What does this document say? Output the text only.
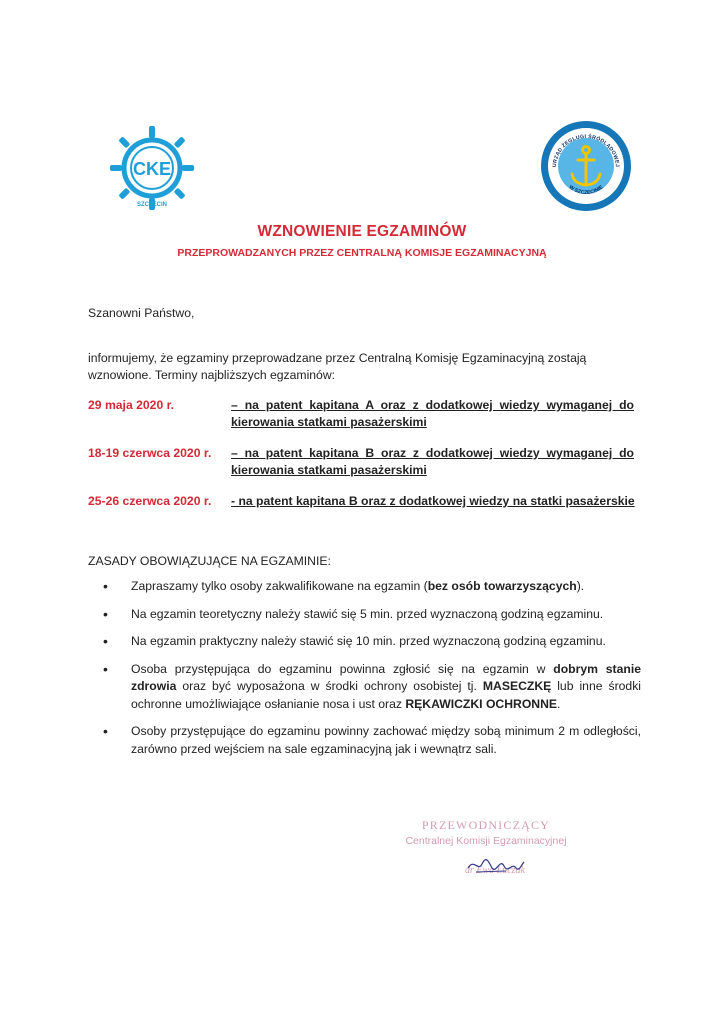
CKE
SZCZECIN
URZĄD ŻEGLUGI ŚRÓDLĄDOWEJ
W SZCZECINIE
WZNOWIENIE EGZAMINÓW
PRZEPROWADZANYCH PRZEZ CENTRALNĄ KOMISJE EGZAMINACYJNĄ
Szanowni Państwo,
informujemy, że egzaminy przeprowadzane przez Centralną Komisję Egzaminacyjną zostają wznowione. Terminy najbliższych egzaminów:
29 maja 2020 r.	– na patent kapitana A oraz z dodatkowej wiedzy wymaganej do kierowania statkami pasażerskimi
18-19 czerwca 2020 r. – na patent kapitana B oraz z dodatkowej wiedzy wymaganej do kierowania statkami pasażerskimi
25-26 czerwca 2020 r. - na patent kapitana B oraz z dodatkowej wiedzy na statki pasażerskie
ZASADY OBOWIĄZUJĄCE NA EGZAMINIE:
• Zapraszamy tylko osoby zakwalifikowane na egzamin (bez osób towarzyszących).
• Na egzamin teoretyczny należy stawić się 5 min. przed wyznaczoną godziną egzaminu.
• Na egzamin praktyczny należy stawić się 10 min. przed wyznaczoną godziną egzaminu.
• Osoba przystępująca do egzaminu powinna zgłosić się na egzamin w dobrym stanie zdrowia oraz być wyposażona w środki ochrony osobistej tj. MASECZKĘ lub inne środki ochronne umożliwiające osłanianie nosa i ust oraz RĘKAWICZKI OCHRONNE.
• Osoby przystępujące do egzaminu powinny zachować między sobą minimum 2 m odległości, zarówno przed wejściem na sale egzaminacyjną jak i wewnątrz sali.
PRZEWODNICZĄCY
Centralnej Komisji Egzaminacyjnej
dr Ewa Łuczak
